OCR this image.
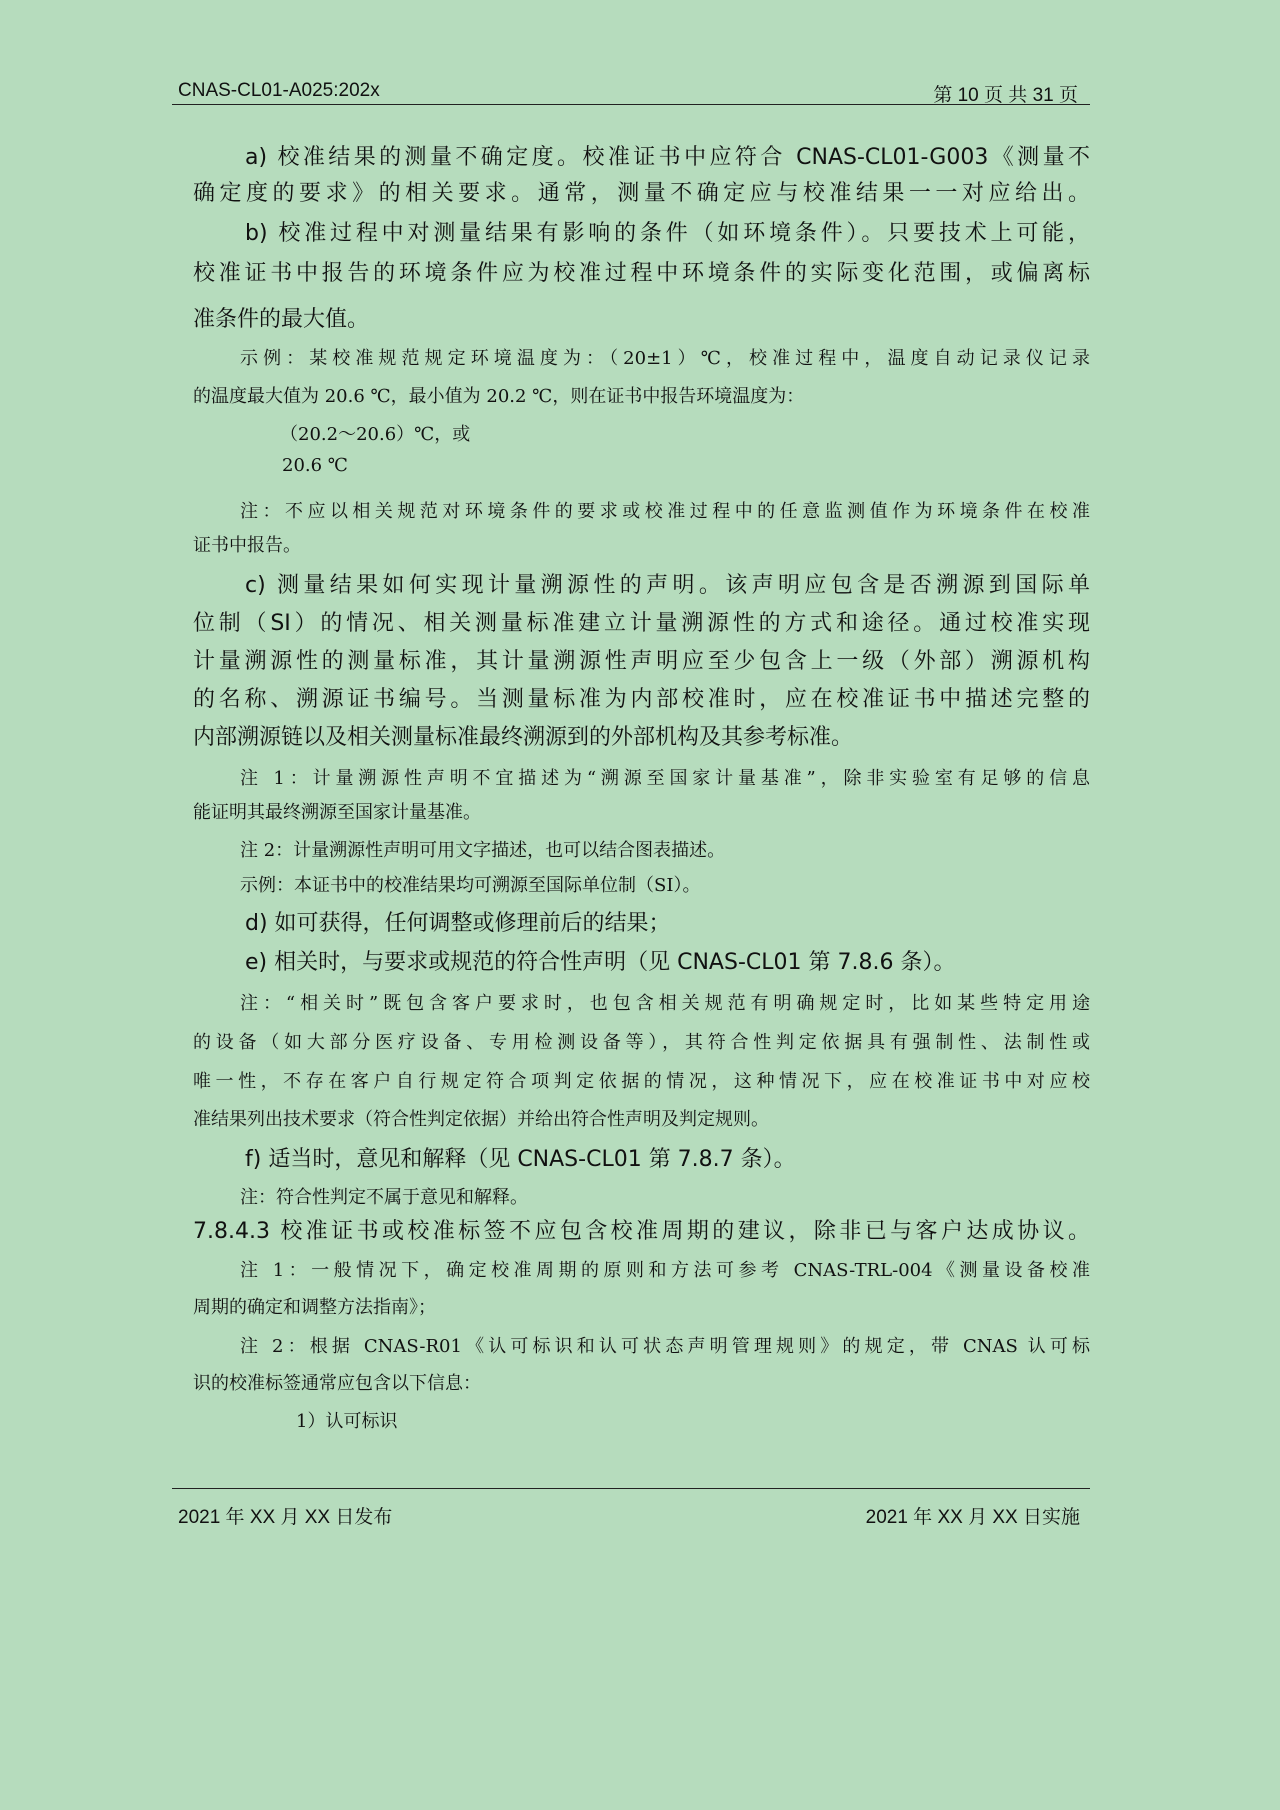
CNAS-CL01-A025:202x	第 10 页 共 31 页
a) 校准结果的测量不确定度。校准证书中应符合 CNAS-CL01-G003《测量不
确定度的要求》的相关要求。通常，测量不确定应与校准结果一一对应给出。
b) 校准过程中对测量结果有影响的条件（如环境条件）。只要技术上可能，
校准证书中报告的环境条件应为校准过程中环境条件的实际变化范围，或偏离标
准条件的最大值。
示例：某校准规范规定环境温度为：（20±1）℃，校准过程中，温度自动记录仪记录
的温度最大值为 20.6 ℃，最小值为 20.2 ℃，则在证书中报告环境温度为：
（20.2～20.6）℃，或
20.6 ℃
注：不应以相关规范对环境条件的要求或校准过程中的任意监测值作为环境条件在校准
证书中报告。
c) 测量结果如何实现计量溯源性的声明。该声明应包含是否溯源到国际单
位制（SI）的情况、相关测量标准建立计量溯源性的方式和途径。通过校准实现
计量溯源性的测量标准，其计量溯源性声明应至少包含上一级（外部）溯源机构
的名称、溯源证书编号。当测量标准为内部校准时，应在校准证书中描述完整的
内部溯源链以及相关测量标准最终溯源到的外部机构及其参考标准。
注 1：计量溯源性声明不宜描述为“溯源至国家计量基准”，除非实验室有足够的信息
能证明其最终溯源至国家计量基准。
注 2：计量溯源性声明可用文字描述，也可以结合图表描述。
示例：本证书中的校准结果均可溯源至国际单位制（SI）。
d) 如可获得，任何调整或修理前后的结果；
e) 相关时，与要求或规范的符合性声明（见 CNAS-CL01 第 7.8.6 条）。
注：“相关时”既包含客户要求时，也包含相关规范有明确规定时，比如某些特定用途
的设备（如大部分医疗设备、专用检测设备等），其符合性判定依据具有强制性、法制性或
唯一性，不存在客户自行规定符合项判定依据的情况，这种情况下，应在校准证书中对应校
准结果列出技术要求（符合性判定依据）并给出符合性声明及判定规则。
f) 适当时，意见和解释（见 CNAS-CL01 第 7.8.7 条）。
注：符合性判定不属于意见和解释。
7.8.4.3 校准证书或校准标签不应包含校准周期的建议，除非已与客户达成协议。
注 1：一般情况下，确定校准周期的原则和方法可参考 CNAS-TRL-004《测量设备校准
周期的确定和调整方法指南》；
注 2：根据 CNAS-R01《认可标识和认可状态声明管理规则》的规定，带 CNAS 认可标
识的校准标签通常应包含以下信息：
1）认可标识
2021 年 XX 月 XX 日发布	2021 年 XX 月 XX 日实施
